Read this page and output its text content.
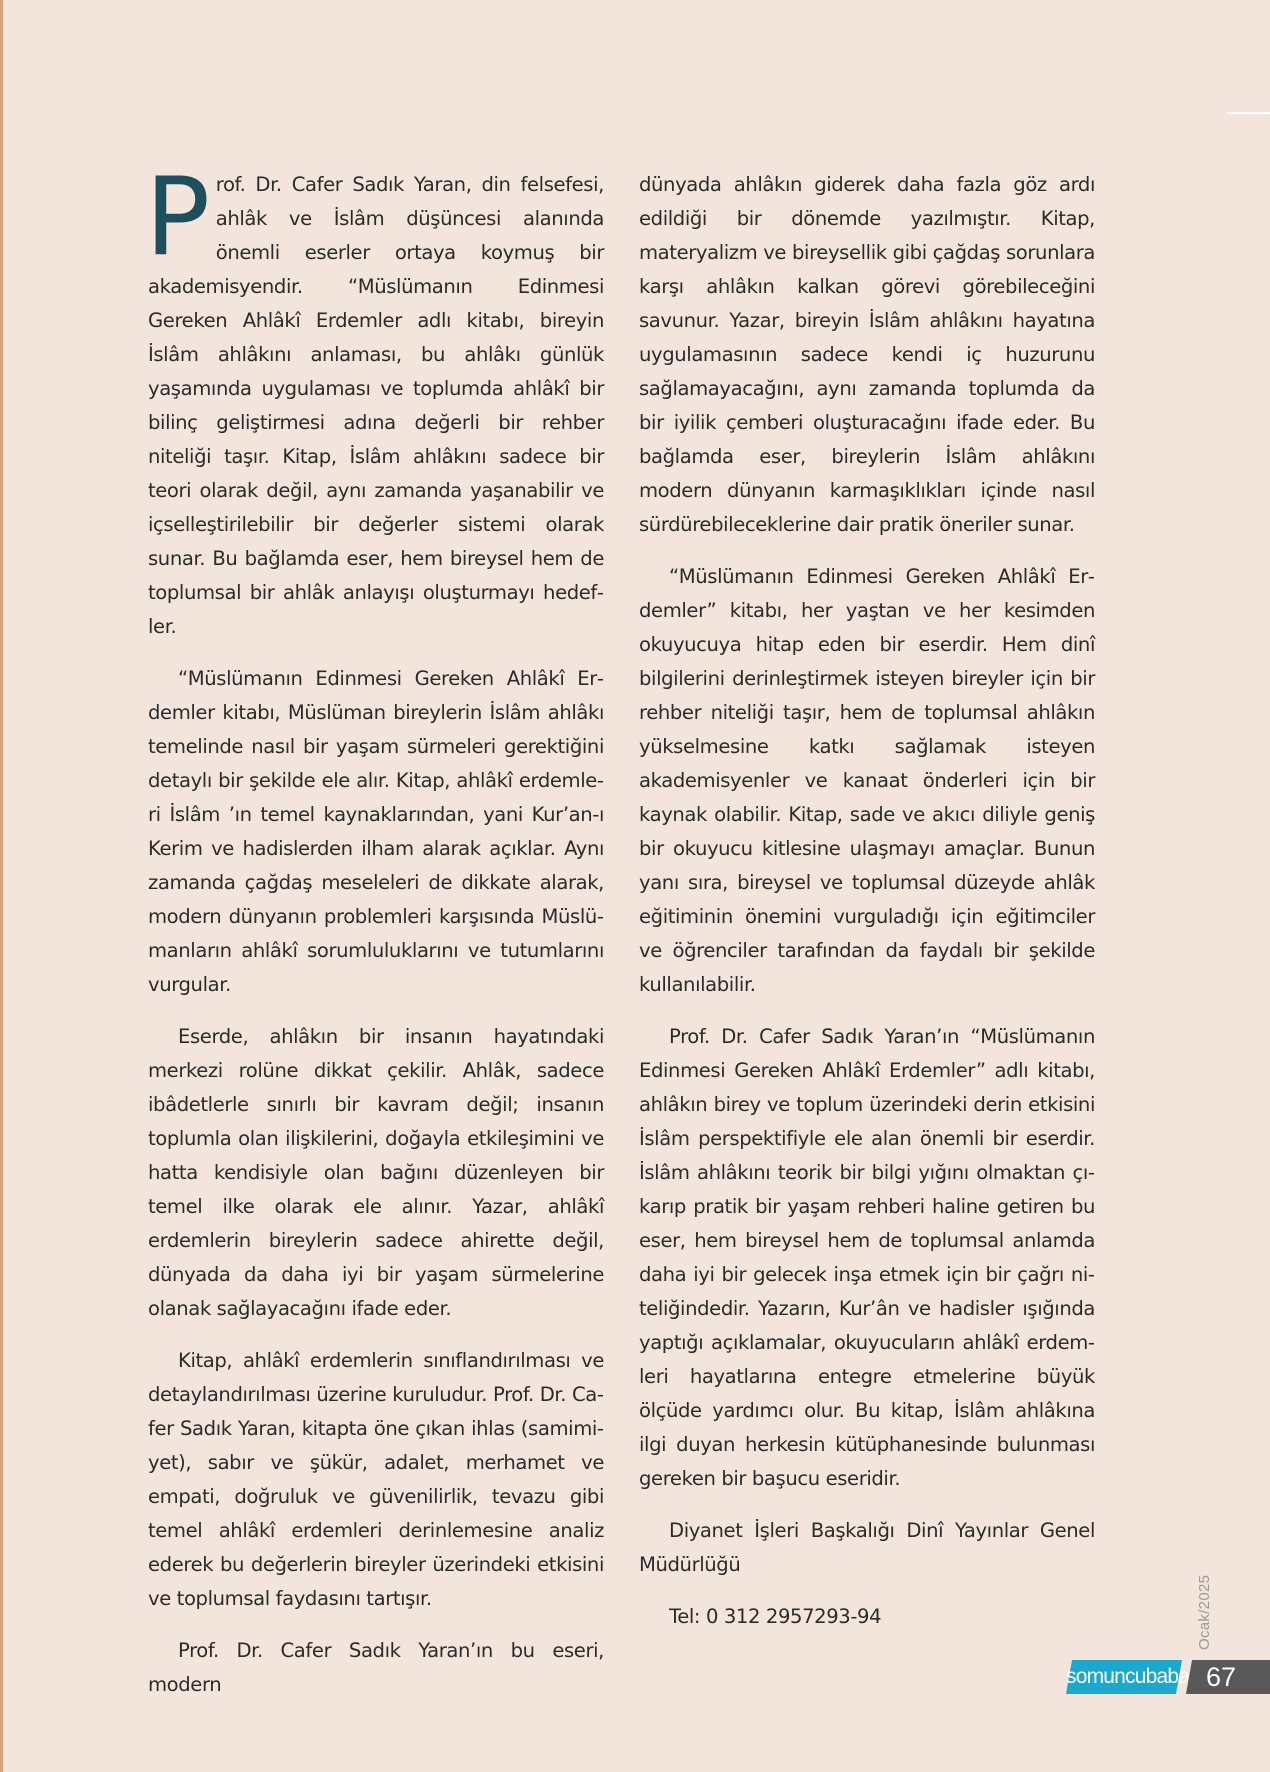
Prof. Dr. Cafer Sadık Yaran, din felsefesi, ahlâk ve İslâm düşüncesi alanında önemli eserler ortaya koymuş bir akademisyendir. “Müslümanın Edinmesi Gereken Ahlâkî Erdemler adlı kitabı, bireyin İslâm ahlâkını anlaması, bu ahlâkı günlük yaşamında uygulaması ve toplumda ahlâkî bir bilinç geliştirmesi adına değerli bir rehber niteliği taşır. Kitap, İslâm ahlâkını sadece bir teori olarak değil, aynı zamanda yaşanabilir ve içselleştirilebilir bir değerler sistemi olarak sunar. Bu bağlamda eser, hem bireysel hem de toplumsal bir ahlâk anlayışı oluşturmayı hedefler.

“Müslümanın Edinmesi Gereken Ahlâkî Erdemler kitabı, Müslüman bireylerin İslâm ahlâkı temelinde nasıl bir yaşam sürmeleri gerektiğini detaylı bir şekilde ele alır. Kitap, ahlâkî erdemleri İslâm ’ın temel kaynaklarından, yani Kur’an-ı Kerim ve hadislerden ilham alarak açıklar. Aynı zamanda çağdaş meseleleri de dikkate alarak, modern dünyanın problemleri karşısında Müslümanların ahlâkî sorumluluklarını ve tutumlarını vurgular.

Eserde, ahlâkın bir insanın hayatındaki merkezi rolüne dikkat çekilir. Ahlâk, sadece ibâdetlerle sınırlı bir kavram değil; insanın toplumla olan ilişkilerini, doğayla etkileşimini ve hatta kendisiyle olan bağını düzenleyen bir temel ilke olarak ele alınır. Yazar, ahlâkî erdemlerin bireylerin sadece ahirette değil, dünyada da daha iyi bir yaşam sürmelerine olanak sağlayacağını ifade eder.

Kitap, ahlâkî erdemlerin sınıflandırılması ve detaylandırılması üzerine kuruludur. Prof. Dr. Cafer Sadık Yaran, kitapta öne çıkan ihlas (samimiyet), sabır ve şükür, adalet, merhamet ve empati, doğruluk ve güvenilirlik, tevazu gibi temel ahlâkî erdemleri derinlemesine analiz ederek bu değerlerin bireyler üzerindeki etkisini ve toplumsal faydasını tartışır.

Prof. Dr. Cafer Sadık Yaran’ın bu eseri, modern

dünyada ahlâkın giderek daha fazla göz ardı edildiği bir dönemde yazılmıştır. Kitap, materyalizm ve bireysellik gibi çağdaş sorunlara karşı ahlâkın kalkan görevi görebileceğini savunur. Yazar, bireyin İslâm ahlâkını hayatına uygulamasının sadece kendi iç huzurunu sağlamayacağını, aynı zamanda toplumda da bir iyilik çemberi oluşturacağını ifade eder. Bu bağlamda eser, bireylerin İslâm ahlâkını modern dünyanın karmaşıklıkları içinde nasıl sürdürebileceklerine dair pratik öneriler sunar.

“Müslümanın Edinmesi Gereken Ahlâkî Erdemler” kitabı, her yaştan ve her kesimden okuyucuya hitap eden bir eserdir. Hem dinî bilgilerini derinleştirmek isteyen bireyler için bir rehber niteliği taşır, hem de toplumsal ahlâkın yükselmesine katkı sağlamak isteyen akademisyenler ve kanaat önderleri için bir kaynak olabilir. Kitap, sade ve akıcı diliyle geniş bir okuyucu kitlesine ulaşmayı amaçlar. Bunun yanı sıra, bireysel ve toplumsal düzeyde ahlâk eğitiminin önemini vurguladığı için eğitimciler ve öğrenciler tarafından da faydalı bir şekilde kullanılabilir.

Prof. Dr. Cafer Sadık Yaran’ın “Müslümanın Edinmesi Gereken Ahlâkî Erdemler” adlı kitabı, ahlâkın birey ve toplum üzerindeki derin etkisini İslâm perspektifiyle ele alan önemli bir eserdir. İslâm ahlâkını teorik bir bilgi yığını olmaktan çıkarıp pratik bir yaşam rehberi haline getiren bu eser, hem bireysel hem de toplumsal anlamda daha iyi bir gelecek inşa etmek için bir çağrı niteliğindedir. Yazarın, Kur’ân ve hadisler ışığında yaptığı açıklamalar, okuyucuların ahlâkî erdemleri hayatlarına entegre etmelerine büyük ölçüde yardımcı olur. Bu kitap, İslâm ahlâkına ilgi duyan herkesin kütüphanesinde bulunması gereken bir başucu eseridir.

Diyanet İşleri Başkalığı Dinî Yayınlar Genel Müdürlüğü

Tel: 0 312 2957293-94	Ocak/2025
somuncubaba 67
